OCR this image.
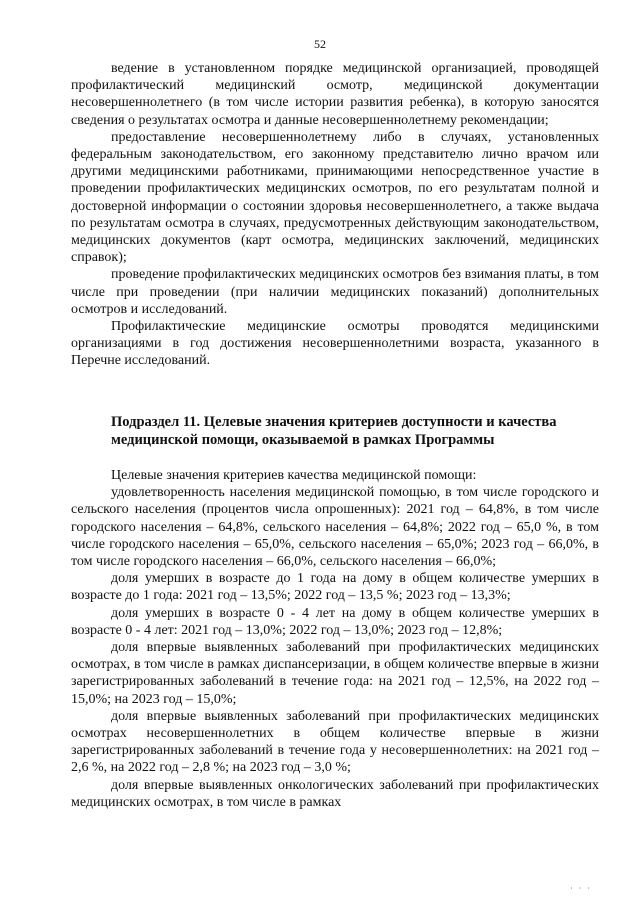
52

ведение в установленном порядке медицинской организацией, проводящей профилактический медицинский осмотр, медицинской документации несовершеннолетнего (в том числе истории развития ребенка), в которую заносятся сведения о результатах осмотра и данные несовершеннолетнему рекомендации;

предоставление несовершеннолетнему либо в случаях, установленных федеральным законодательством, его законному представителю лично врачом или другими медицинскими работниками, принимающими непосредственное участие в проведении профилактических медицинских осмотров, по его результатам полной и достоверной информации о состоянии здоровья несовершеннолетнего, а также выдача по результатам осмотра в случаях, предусмотренных действующим законодательством, медицинских документов (карт осмотра, медицинских заключений, медицинских справок);

проведение профилактических медицинских осмотров без взимания платы, в том числе при проведении (при наличии медицинских показаний) дополнительных осмотров и исследований.

Профилактические медицинские осмотры проводятся медицинскими организациями в год достижения несовершеннолетними возраста, указанного в Перечне исследований.

Подраздел 11. Целевые значения критериев доступности и качества

медицинской помощи, оказываемой в рамках Программы

Целевые значения критериев качества медицинской помощи:

удовлетворенность населения медицинской помощью, в том числе городского и сельского населения (процентов числа опрошенных): 2021 год – 64,8%, в том числе городского населения – 64,8%, сельского населения – 64,8%; 2022 год – 65,0 %, в том числе городского населения – 65,0%, сельского населения – 65,0%; 2023 год – 66,0%, в том числе городского населения – 66,0%, сельского населения – 66,0%;

доля умерших в возрасте до 1 года на дому в общем количестве умерших в возрасте до 1 года: 2021 год – 13,5%; 2022 год – 13,5 %; 2023 год – 13,3%;

доля умерших в возрасте 0 - 4 лет на дому в общем количестве умерших в возрасте 0 - 4 лет: 2021 год – 13,0%; 2022 год – 13,0%; 2023 год – 12,8%;

доля впервые выявленных заболеваний при профилактических медицинских осмотрах, в том числе в рамках диспансеризации, в общем количестве впервые в жизни зарегистрированных заболеваний в течение года: на 2021 год – 12,5%, на 2022 год – 15,0%; на 2023 год – 15,0%;

доля впервые выявленных заболеваний при профилактических медицинских осмотрах несовершеннолетних в общем количестве впервые в жизни зарегистрированных заболеваний в течение года у несовершеннолетних: на 2021 год – 2,6 %, на 2022 год – 2,8 %; на 2023 год – 3,0 %;

доля впервые выявленных онкологических заболеваний при профилактических медицинских осмотрах, в том числе в рамках

· · ·
